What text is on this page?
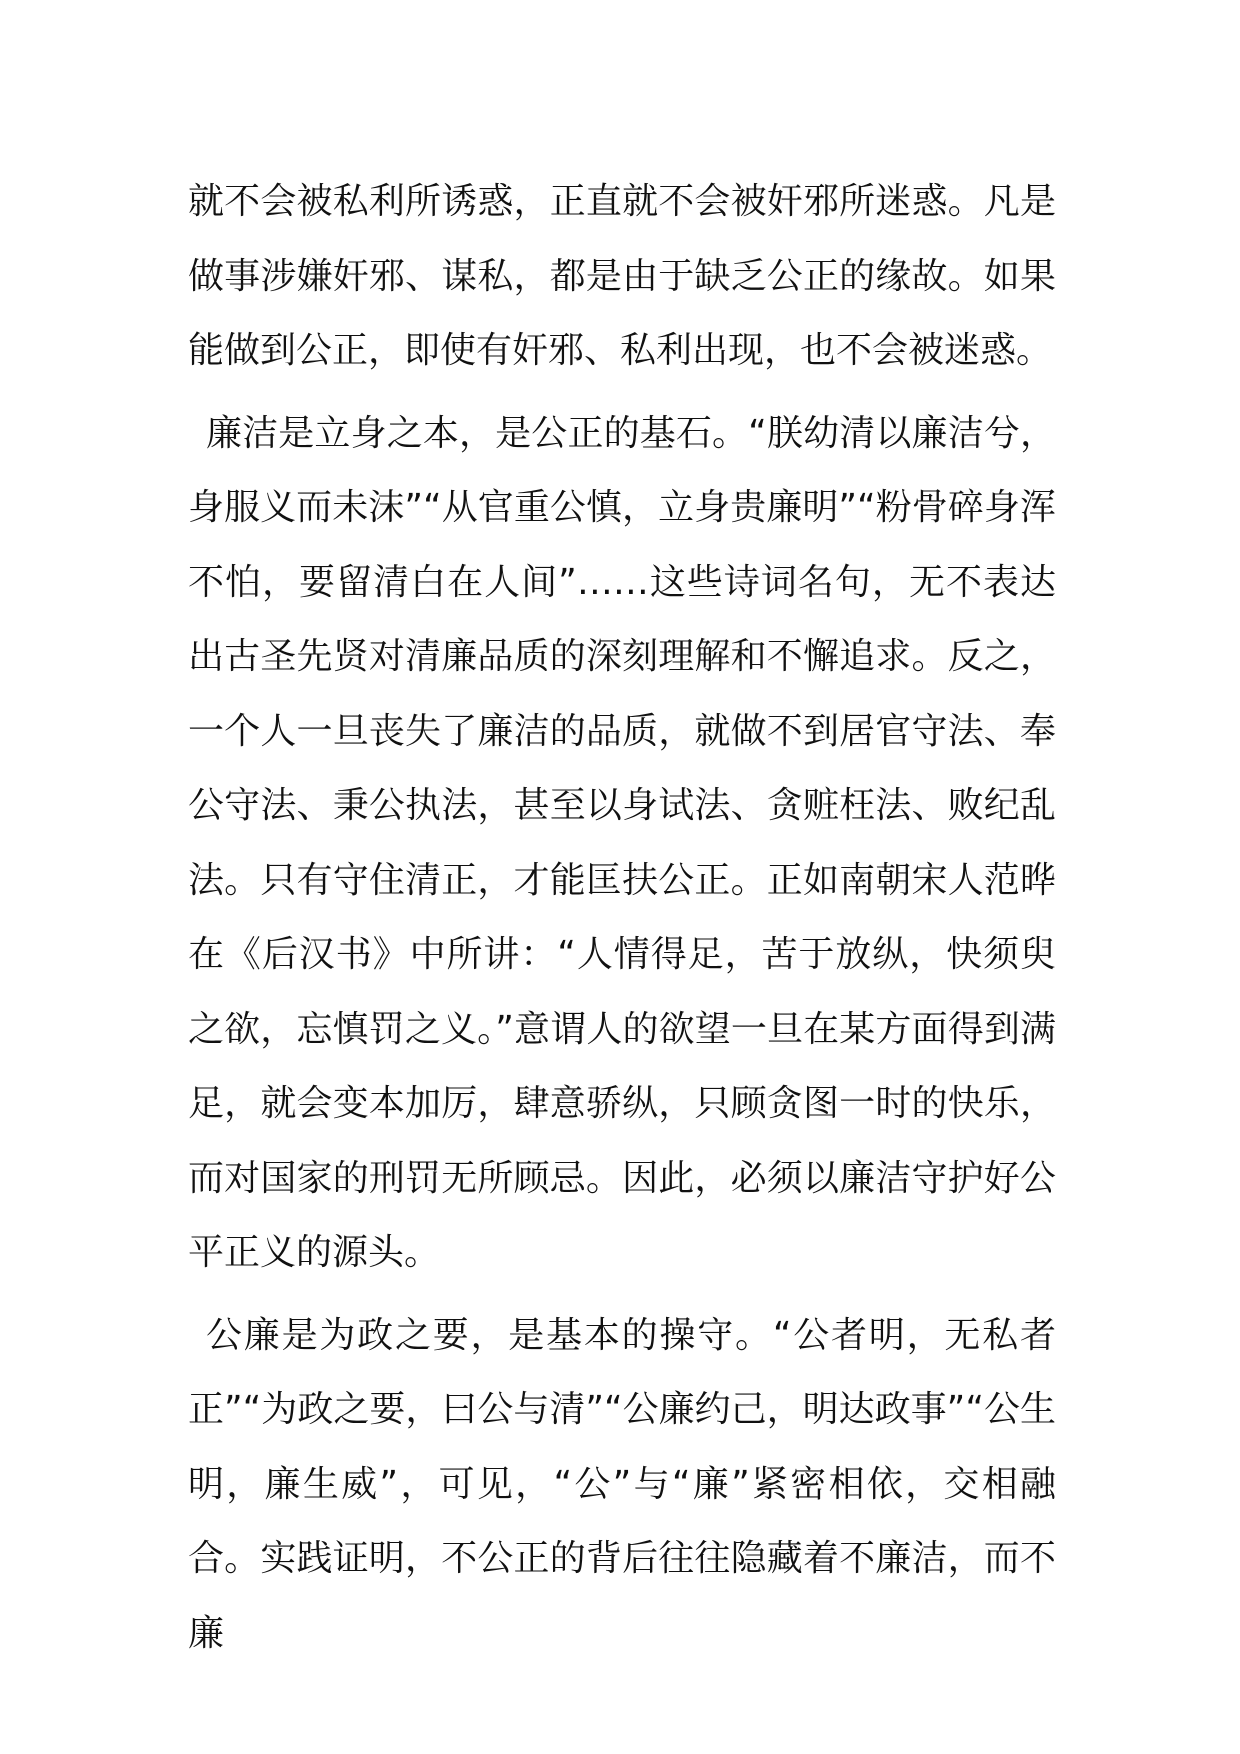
就不会被私利所诱惑，正直就不会被奸邪所迷惑。凡是做事涉嫌奸邪、谋私，都是由于缺乏公正的缘故。如果能做到公正，即使有奸邪、私利出现，也不会被迷惑。

廉洁是立身之本，是公正的基石。“朕幼清以廉洁兮，身服义而未沫”“从官重公慎，立身贵廉明”“粉骨碎身浑不怕，要留清白在人间”……这些诗词名句，无不表达出古圣先贤对清廉品质的深刻理解和不懈追求。反之，一个人一旦丧失了廉洁的品质，就做不到居官守法、奉公守法、秉公执法，甚至以身试法、贪赃枉法、败纪乱法。只有守住清正，才能匡扶公正。正如南朝宋人范晔在《后汉书》中所讲：“人情得足，苦于放纵，快须臾之欲，忘慎罚之义。”意谓人的欲望一旦在某方面得到满足，就会变本加厉，肆意骄纵，只顾贪图一时的快乐，而对国家的刑罚无所顾忌。因此，必须以廉洁守护好公平正义的源头。

公廉是为政之要，是基本的操守。“公者明，无私者正”“为政之要，曰公与清”“公廉约己，明达政事”“公生明，廉生威”，可见，“公”与“廉”紧密相依，交相融合。实践证明，不公正的背后往往隐藏着不廉洁，而不廉
